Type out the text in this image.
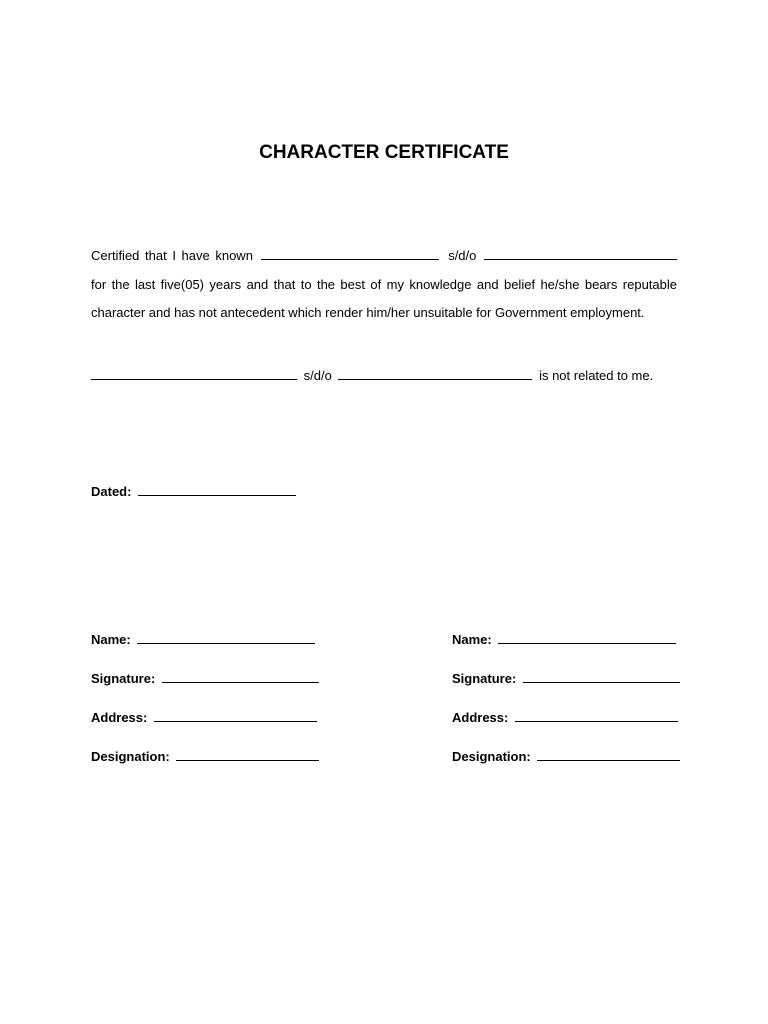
CHARACTER CERTIFICATE
Certified that I have known	s/d/o  for the last five(05) years and that to the best of my knowledge and belief he/she bears reputable character and has not antecedent which render him/her unsuitable for Government employment.
s/d/o	is not related to me.
Dated:
Name:
Signature:
Address:
Designation:
Name:
Signature:
Address:
Designation:
